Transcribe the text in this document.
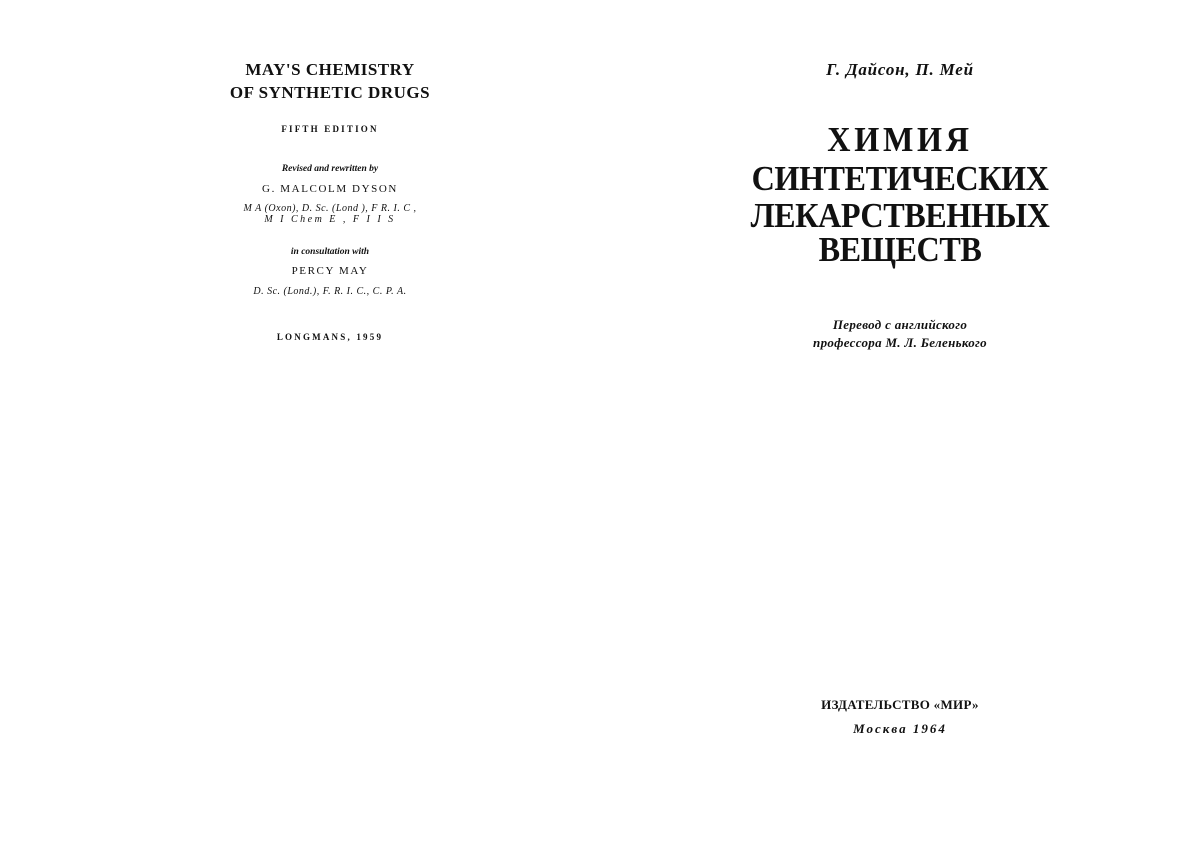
MAY'S CHEMISTRY
OF SYNTHETIC DRUGS
FIFTH EDITION
Revised and rewritten by
G. MALCOLM DYSON
M A (Oxon), D. Sc. (Lond ), F R. I. C ,
M I Chem E , F I I S
in consultation with
PERCY MAY
D. Sc. (Lond.), F. R. I. C., C. P. A.
LONGMANS, 1959
Г. Дайсон, П. Мей
ХИМИЯ
СИНТЕТИЧЕСКИХ
ЛЕКАРСТВЕННЫХ
ВЕЩЕСТВ
Перевод с английского
профессора М. Л. Беленького
ИЗДАТЕЛЬСТВО «МИР»
Москва 1964
